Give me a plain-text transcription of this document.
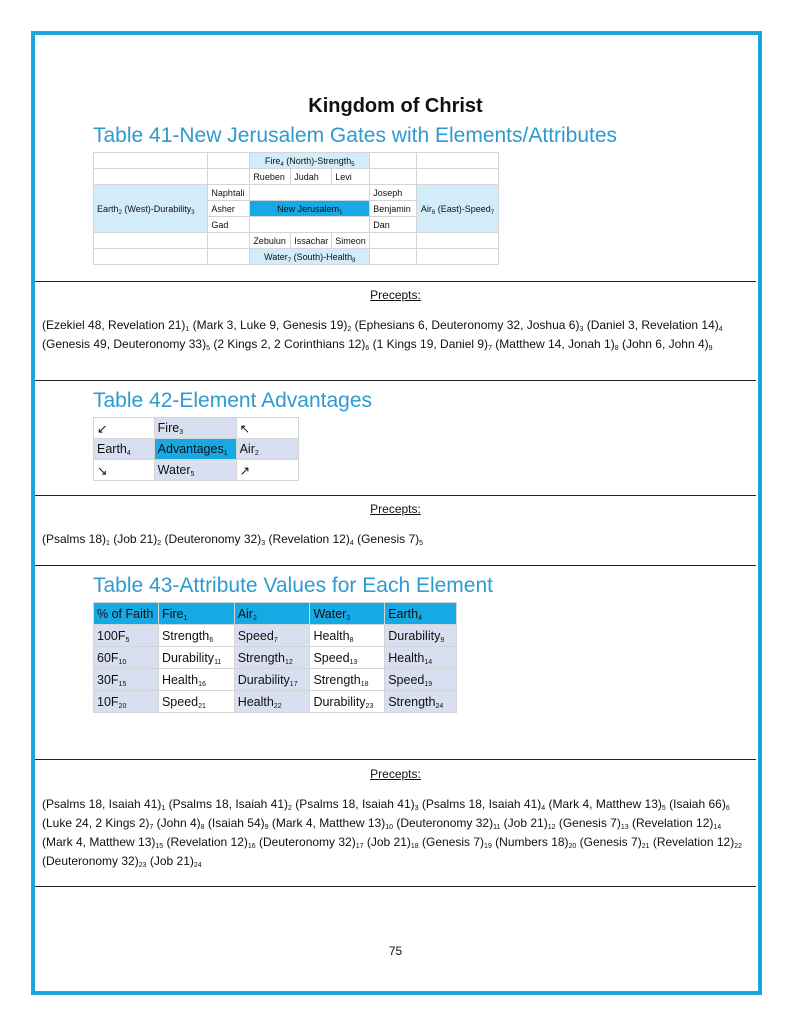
Kingdom of Christ
Table 41-New Jerusalem Gates with Elements/Attributes
		Fire$_4$ (North)-Strength$_5$		
		Rueben	Judah	Levi		
Earth$_2$ (West)-Durability$_3$	Naphtali				Joseph	Air$_6$ (East)-Speed$_7$
	Asher	New Jerusalem$_1$			Benjamin	
	Gad				Dan	
		Zebulun	Issachar	Simeon		
		Water$_7$ (South)-Health$_8$		
Precepts:
(Ezekiel 48, Revelation $21)_1$ (Mark 3, Luke 9, Genesis $19)_2$ (Ephesians 6, Deuteronomy 32, Joshua $6)_3$ (Daniel 3, Revelation $14)_4$ (Genesis 49, Deuteronomy $33)_5$ (2 Kings 2, 2 Corinthians $12)_6$ (1 Kings 19, Daniel $9)_7$ (Matthew 14, Jonah $1)_8$ (John 6, John $4)_9$
Table 42-Element Advantages
↙	Fire$_3$	↖
Earth$_4$	Advantages$_1$	Air$_2$
↘	Water$_5$	↗
Precepts:
(Psalms $18)_1$ (Job $21)_2$ (Deuteronomy $32)_3$ (Revelation $12)_4$ (Genesis $7)_5$
Table 43-Attribute Values for Each Element
% of Faith	Fire$_1$	Air$_2$	Water$_3$	Earth$_4$
$100F_5$	Strength$_6$	Speed$_7$	Health$_8$	Durability$_9$
$60F_{10}$	Durability$_{11}$	Strength$_{12}$	Speed$_{13}$	Health$_{14}$
$30F_{15}$	Health$_{16}$	Durability$_{17}$	Strength$_{18}$	Speed$_{19}$
$10F_{20}$	Speed$_{21}$	Health$_{22}$	Durability$_{23}$	Strength$_{24}$
Precepts:
(Psalms 18, Isaiah $41)_1$ (Psalms 18, Isaiah $41)_2$ (Psalms 18, Isaiah $41)_3$ (Psalms 18, Isaiah $41)_4$ (Mark 4, Matthew $13)_5$ (Isaiah $66)_6$ (Luke 24, 2 Kings $2)_7$ (John $4)_8$ (Isaiah $54)_9$ (Mark 4, Matthew $13)_{10}$ (Deuteronomy $32)_{11}$ (Job $21)_{12}$ (Genesis $7)_{13}$ (Revelation $12)_{14}$ (Mark 4, Matthew $13)_{15}$ (Revelation $12)_{16}$ (Deuteronomy $32)_{17}$ (Job $21)_{18}$ (Genesis $7)_{19}$ (Numbers $18)_{20}$ (Genesis $7)_{21}$ (Revelation $12)_{22}$ (Deuteronomy $32)_{23}$ (Job $21)_{24}$
75
